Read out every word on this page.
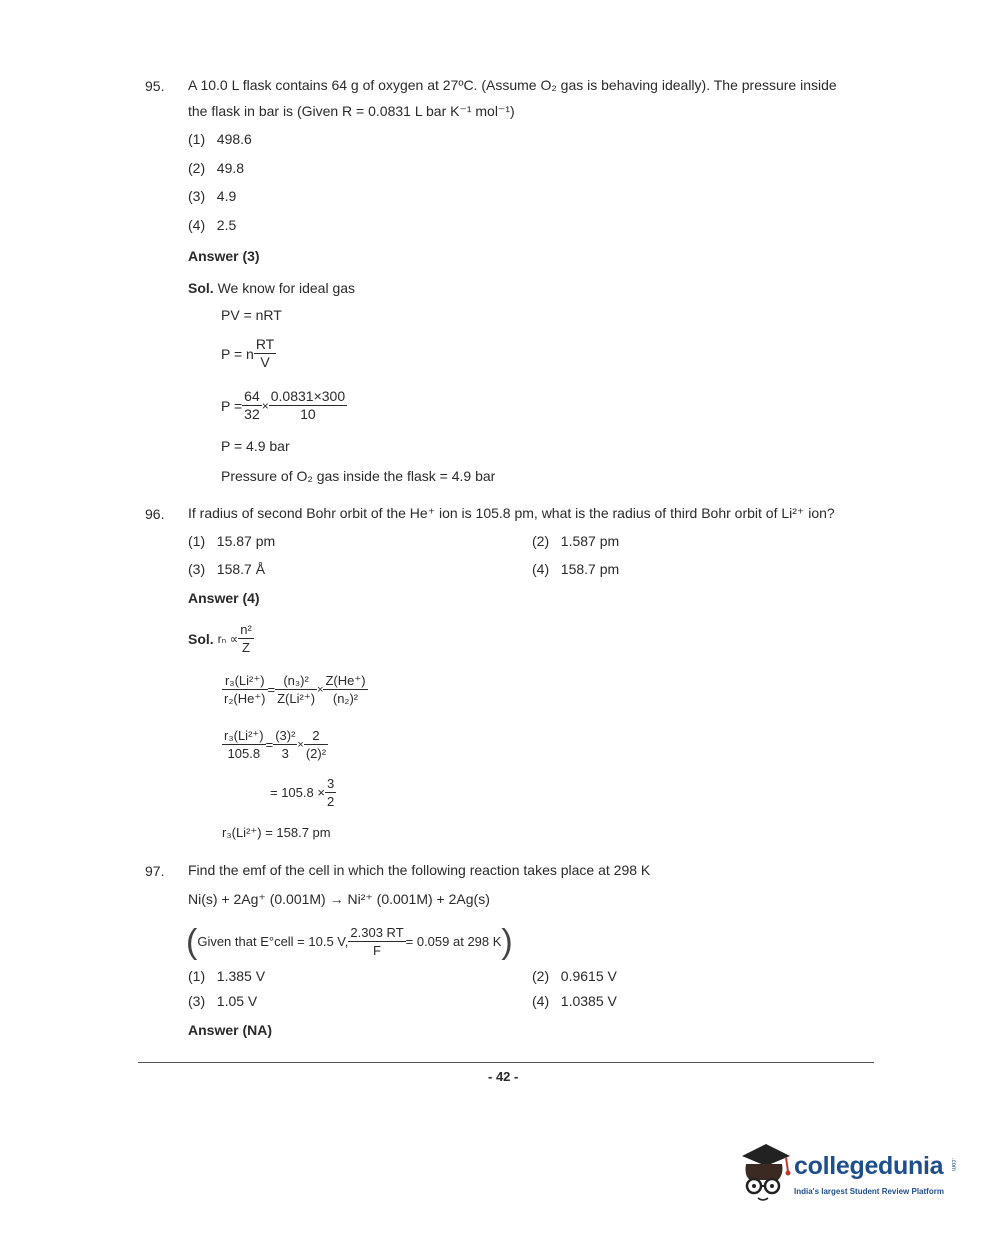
95. A 10.0 L flask contains 64 g of oxygen at 27ºC. (Assume O₂ gas is behaving ideally). The pressure inside
the flask in bar is (Given R = 0.0831 L bar K⁻¹ mol⁻¹)
(1) 498.6
(2) 49.8
(3) 4.9
(4) 2.5
Answer (3)
Sol. We know for ideal gas
PV = nRT
P = n $\frac{RT}{V}$
$P = \frac{64}{32} \times \frac{0.0831\times 300}{10}$
P = 4.9 bar
Pressure of O₂ gas inside the flask = 4.9 bar
96. If radius of second Bohr orbit of the He⁺ ion is 105.8 pm, what is the radius of third Bohr orbit of Li²⁺ ion?
(1) 15.87 pm	(2) 1.587 pm
(3) 158.7 Å	(4) 158.7 pm
Answer (4)
Sol. $r_n \propto \frac{\text{n²}}{Z}$
$\frac{\text{r₃(Li²⁺)}}{\text{r₂(He⁺)}} = \frac{\text{(n₃)²}}{\text{Z(Li²⁺)}} \times \frac{Z(He^+)}{\text{(n₂)²}}$
$\frac{\text{r₃(Li²⁺)}}{105.8} = \frac{\text{(3)²}}{3} \times \frac{2}{\text{(2)²}}$
= $105.8 \times \frac{3}{2}$
r₃(Li²⁺) = 158.7 pm
97. Find the emf of the cell in which the following reaction takes place at 298 K
Ni(s) + 2Ag⁺ (0.001M) → Ni²⁺ (0.001M) + 2Ag(s)
(Given that E°cell = 10.5 V, $\frac{2.303 RT}{F} = 0.059$ at 298 K)
(1) 1.385 V	(2) 0.9615 V
(3) 1.05 V	(4) 1.0385 V
Answer (NA)
- 42 -
collegedunia .com
India's largest Student Review Platform
